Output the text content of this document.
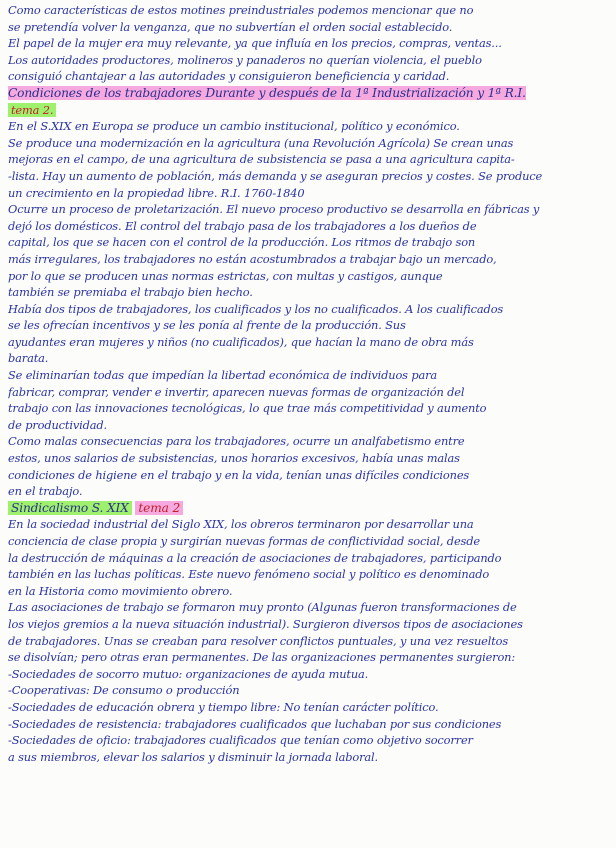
Como características de estos motines preindustriales podemos mencionar que no
se pretendía volver la venganza, que no subvertían el orden social establecido.
El papel de la mujer era muy relevante, ya que influía en los precios, compras, ventas...
Los autoridades productores, molineros y panaderos no querían violencia, el pueblo
consiguió chantajear a las autoridades y consiguieron beneficiencia y caridad.
Condiciones de los trabajadores Durante y después de la 1ª Industrialización y 1ª R.I.
tema 2.
En el S.XIX en Europa se produce un cambio institucional, político y económico.
Se produce una modernización en la agricultura (una Revolución Agrícola) Se crean unas
mejoras en el campo, de una agricultura de subsistencia se pasa a una agricultura capita-
-lista. Hay un aumento de población, más demanda y se aseguran precios y costes. Se produce
un crecimiento en la propiedad libre. R.I. 1760-1840
Ocurre un proceso de proletarización. El nuevo proceso productivo se desarrolla en fábricas y
dejó los domésticos. El control del trabajo pasa de los trabajadores a los dueños de
capital, los que se hacen con el control de la producción. Los ritmos de trabajo son
más irregulares, los trabajadores no están acostumbrados a trabajar bajo un mercado,
por lo que se producen unas normas estrictas, con multas y castigos, aunque
también se premiaba el trabajo bien hecho.
Había dos tipos de trabajadores, los cualificados y los no cualificados. A los cualificados
se les ofrecían incentivos y se les ponía al frente de la producción. Sus
ayudantes eran mujeres y niños (no cualificados), que hacían la mano de obra más
barata.
Se eliminarían todas que impedían la libertad económica de individuos para
fabricar, comprar, vender e invertir, aparecen nuevas formas de organización del
trabajo con las innovaciones tecnológicas, lo que trae más competitividad y aumento
de productividad.
Como malas consecuencias para los trabajadores, ocurre un analfabetismo entre
estos, unos salarios de subsistencias, unos horarios excesivos, había unas malas
condiciones de higiene en el trabajo y en la vida, tenían unas difíciles condiciones
en el trabajo.
Sindicalismo S. XIX tema 2
En la sociedad industrial del Siglo XIX, los obreros terminaron por desarrollar una
conciencia de clase propia y surgirían nuevas formas de conflictividad social, desde
la destrucción de máquinas a la creación de asociaciones de trabajadores, participando
también en las luchas políticas. Este nuevo fenómeno social y político es denominado
en la Historia como movimiento obrero.
Las asociaciones de trabajo se formaron muy pronto (Algunas fueron transformaciones de
los viejos gremios a la nueva situación industrial). Surgieron diversos tipos de asociaciones
de trabajadores. Unas se creaban para resolver conflictos puntuales, y una vez resueltos
se disolvían; pero otras eran permanentes. De las organizaciones permanentes surgieron:
-Sociedades de socorro mutuo: organizaciones de ayuda mutua.
-Cooperativas: De consumo o producción
-Sociedades de educación obrera y tiempo libre: No tenían carácter político.
-Sociedades de resistencia: trabajadores cualificados que luchaban por sus condiciones
-Sociedades de oficio: trabajadores cualificados que tenían como objetivo socorrer
a sus miembros, elevar los salarios y disminuir la jornada laboral.
